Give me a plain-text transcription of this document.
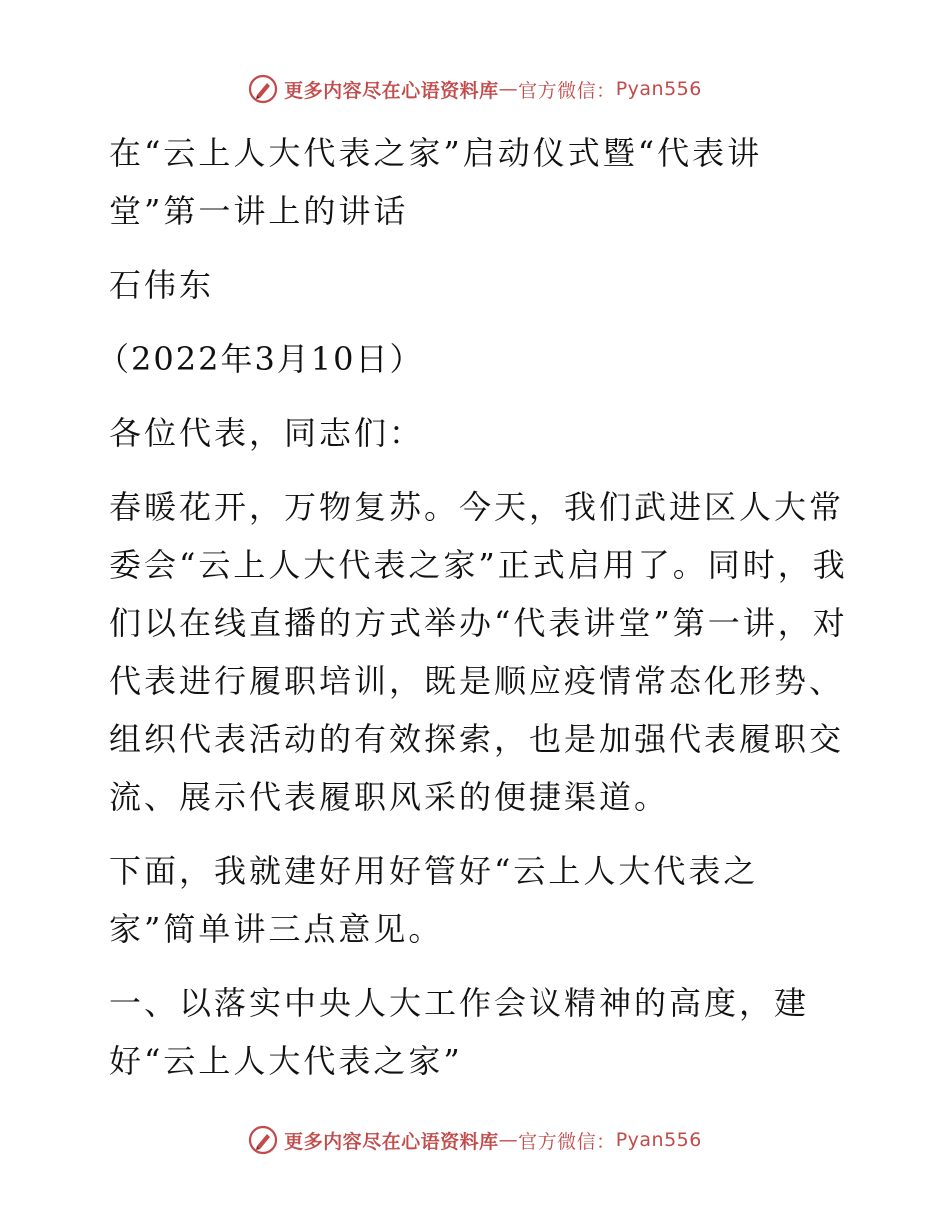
更多内容尽在心语资料库 — 官方微信： Pyan556

在“云上人大代表之家”启动仪式暨“代表讲堂”第一讲上的讲话

石伟东

（2022年3月10日）

各位代表，同志们：

春暖花开，万物复苏。今天，我们武进区人大常委会“云上人大代表之家”正式启用了。同时，我们以在线直播的方式举办“代表讲堂”第一讲，对代表进行履职培训，既是顺应疫情常态化形势、组织代表活动的有效探索，也是加强代表履职交流、展示代表履职风采的便捷渠道。

下面，我就建好用好管好“云上人大代表之家”简单讲三点意见。

一、以落实中央人大工作会议精神的高度，建好“云上人大代表之家”

更多内容尽在心语资料库 — 官方微信： Pyan556
